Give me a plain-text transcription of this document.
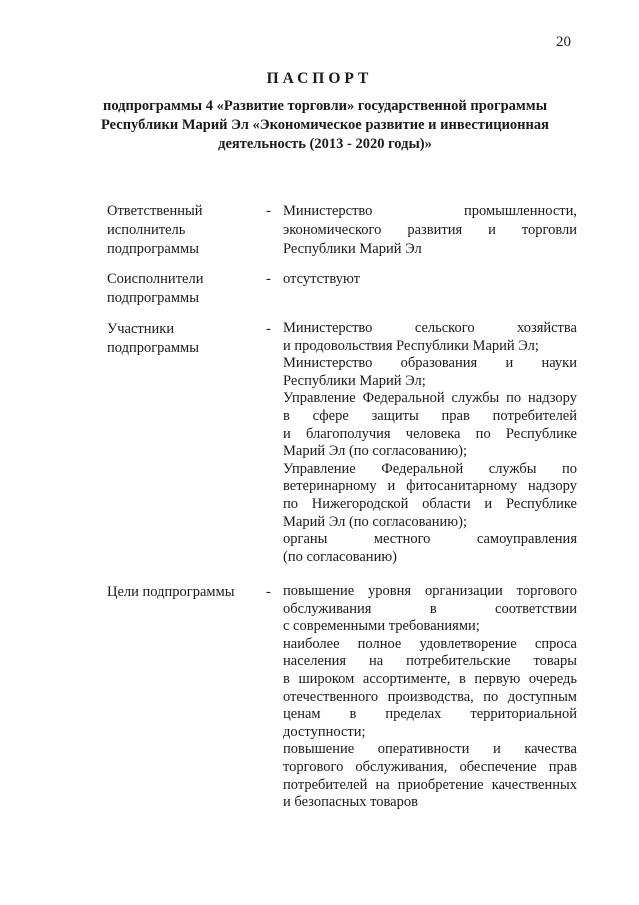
20
ПАСПОРТ
подпрограммы 4 «Развитие торговли» государственной программы
Республики Марий Эл «Экономическое развитие и инвестиционная
деятельность (2013 - 2020 годы)»
Ответственный
исполнитель
подпрограммы
- Министерство промышленности,
экономического развития и торговли
Республики Марий Эл
Соисполнители
подпрограммы
- отсутствуют
Участники
подпрограммы
- Министерство сельского хозяйства
и продовольствия Республики Марий Эл;
Министерство образования и науки
Республики Марий Эл;
Управление Федеральной службы по надзору
в сфере защиты прав потребителей
и благополучия человека по Республике
Марий Эл (по согласованию);
Управление Федеральной службы по
ветеринарному и фитосанитарному надзору
по Нижегородской области и Республике
Марий Эл (по согласованию);
органы местного самоуправления
(по согласованию)
Цели подпрограммы	- повышение уровня организации торгового
обслуживания в соответствии
с современными требованиями;
наиболее полное удовлетворение спроса
населения на потребительские товары
в широком ассортименте, в первую очередь
отечественного производства, по доступным
ценам в пределах территориальной
доступности;
повышение оперативности и качества
торгового обслуживания, обеспечение прав
потребителей на приобретение качественных
и безопасных товаров
